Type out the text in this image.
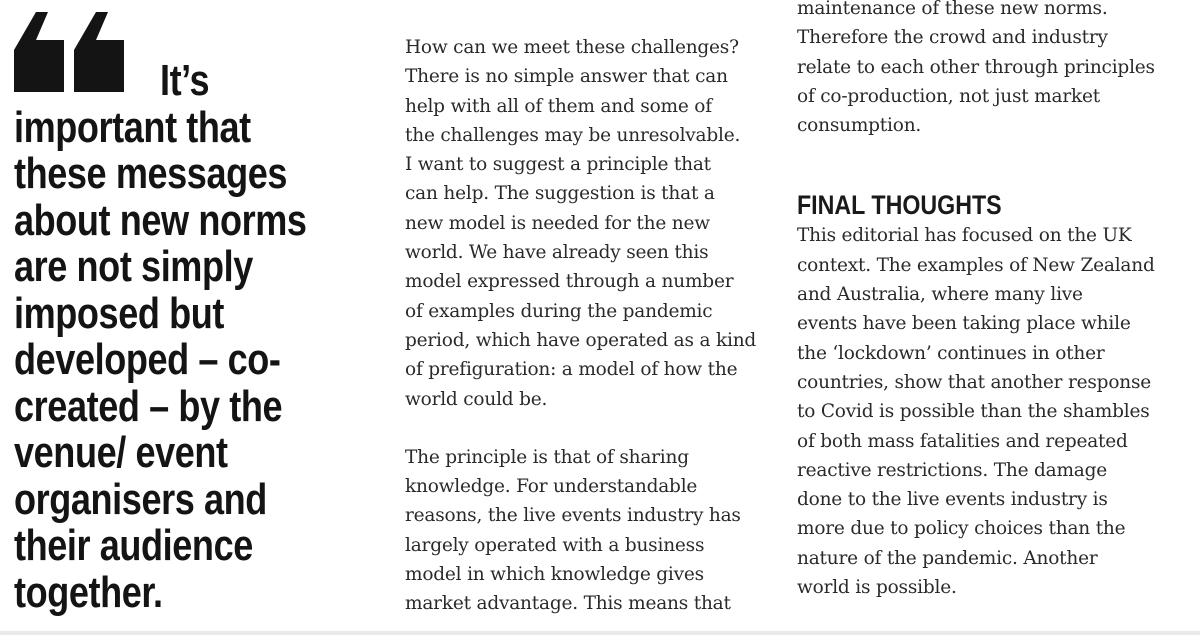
It’s
important that
these messages
about new norms
are not simply
imposed but
developed – co-
created – by the
venue/ event
organisers and
their audience
together.

How can we meet these challenges?
There is no simple answer that can
help with all of them and some of
the challenges may be unresolvable.
I want to suggest a principle that
can help. The suggestion is that a
new model is needed for the new
world. We have already seen this
model expressed through a number
of examples during the pandemic
period, which have operated as a kind
of prefiguration: a model of how the
world could be.
The principle is that of sharing
knowledge. For understandable
reasons, the live events industry has
largely operated with a business
model in which knowledge gives
market advantage. This means that
maintenance of these new norms.
Therefore the crowd and industry
relate to each other through principles
of co-production, not just market
consumption.
FINAL THOUGHTS
This editorial has focused on the UK
context. The examples of New Zealand
and Australia, where many live
events have been taking place while
the ‘lockdown’ continues in other
countries, show that another response
to Covid is possible than the shambles
of both mass fatalities and repeated
reactive restrictions. The damage
done to the live events industry is
more due to policy choices than the
nature of the pandemic. Another
world is possible.
